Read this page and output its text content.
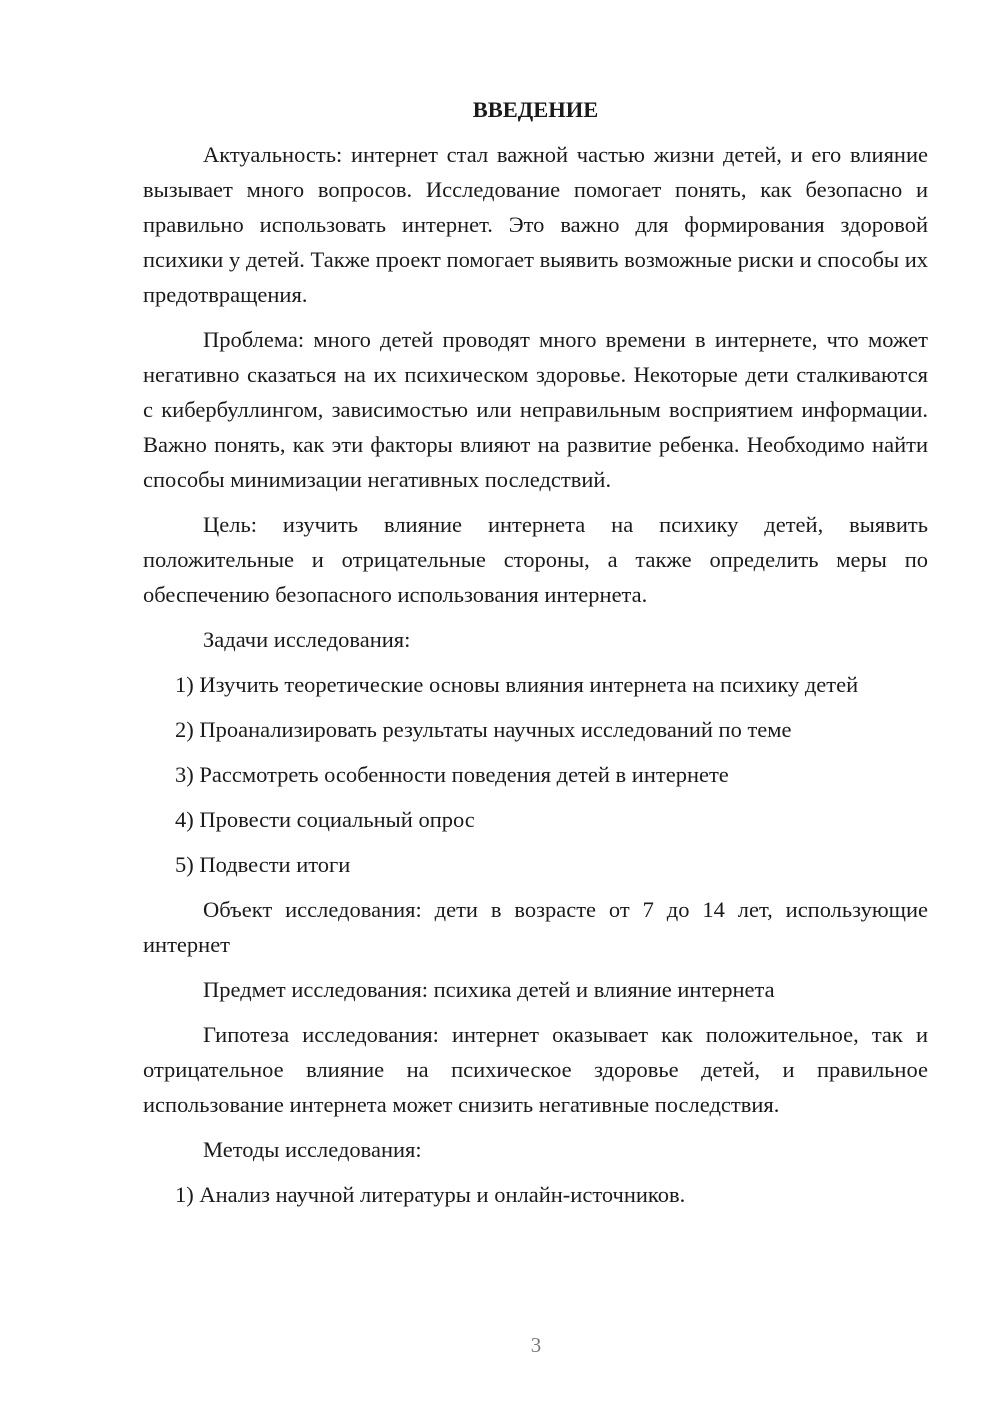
ВВЕДЕНИЕ

Актуальность: интернет стал важной частью жизни детей, и его влияние вызывает много вопросов. Исследование помогает понять, как безопасно и правильно использовать интернет. Это важно для формирования здоровой психики у детей. Также проект помогает выявить возможные риски и способы их предотвращения.

Проблема: много детей проводят много времени в интернете, что может негативно сказаться на их психическом здоровье. Некоторые дети сталкиваются с кибербуллингом, зависимостью или неправильным восприятием информации. Важно понять, как эти факторы влияют на развитие ребенка. Необходимо найти способы минимизации негативных последствий.

Цель: изучить влияние интернета на психику детей, выявить положительные и отрицательные стороны, а также определить меры по обеспечению безопасного использования интернета.

Задачи исследования:
1) Изучить теоретические основы влияния интернета на психику детей
2) Проанализировать результаты научных исследований по теме
3) Рассмотреть особенности поведения детей в интернете
4) Провести социальный опрос
5) Подвести итоги

Объект исследования: дети в возрасте от 7 до 14 лет, использующие интернет

Предмет исследования: психика детей и влияние интернета

Гипотеза исследования: интернет оказывает как положительное, так и отрицательное влияние на психическое здоровье детей, и правильное использование интернета может снизить негативные последствия.

Методы исследования:
1) Анализ научной литературы и онлайн-источников.
3
